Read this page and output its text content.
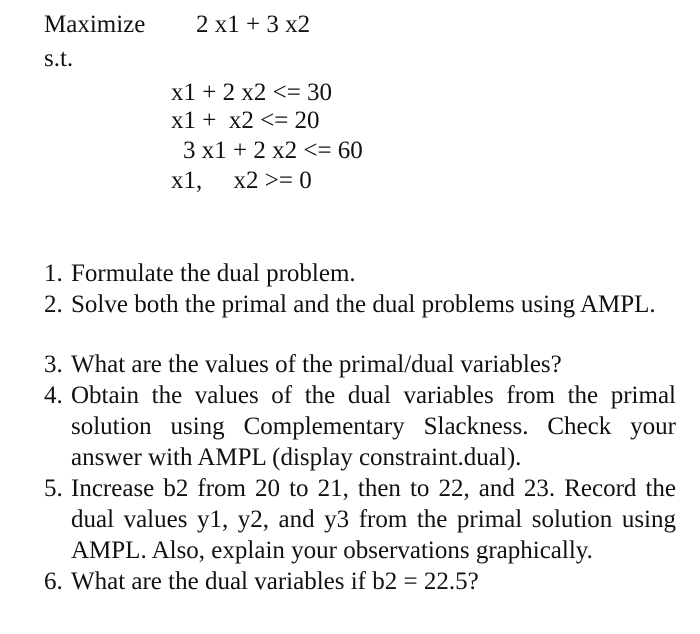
Maximize 2 x1 + 3 x2
s.t.
x1 + 2 x2 <= 30
x1 +  x2 <= 20
3 x1 + 2 x2 <= 60
x1,     x2 >= 0
1. Formulate the dual problem.
2. Solve both the primal and the dual problems using AMPL.
3. What are the values of the primal/dual variables?
4. Obtain the values of the dual variables from the primal solution using Complementary Slackness. Check your answer with AMPL (display constraint.dual).
5. Increase b2 from 20 to 21, then to 22, and 23. Record the dual values y1, y2, and y3 from the primal solution using AMPL. Also, explain your observations graphically.
6. What are the dual variables if b2 = 22.5?
